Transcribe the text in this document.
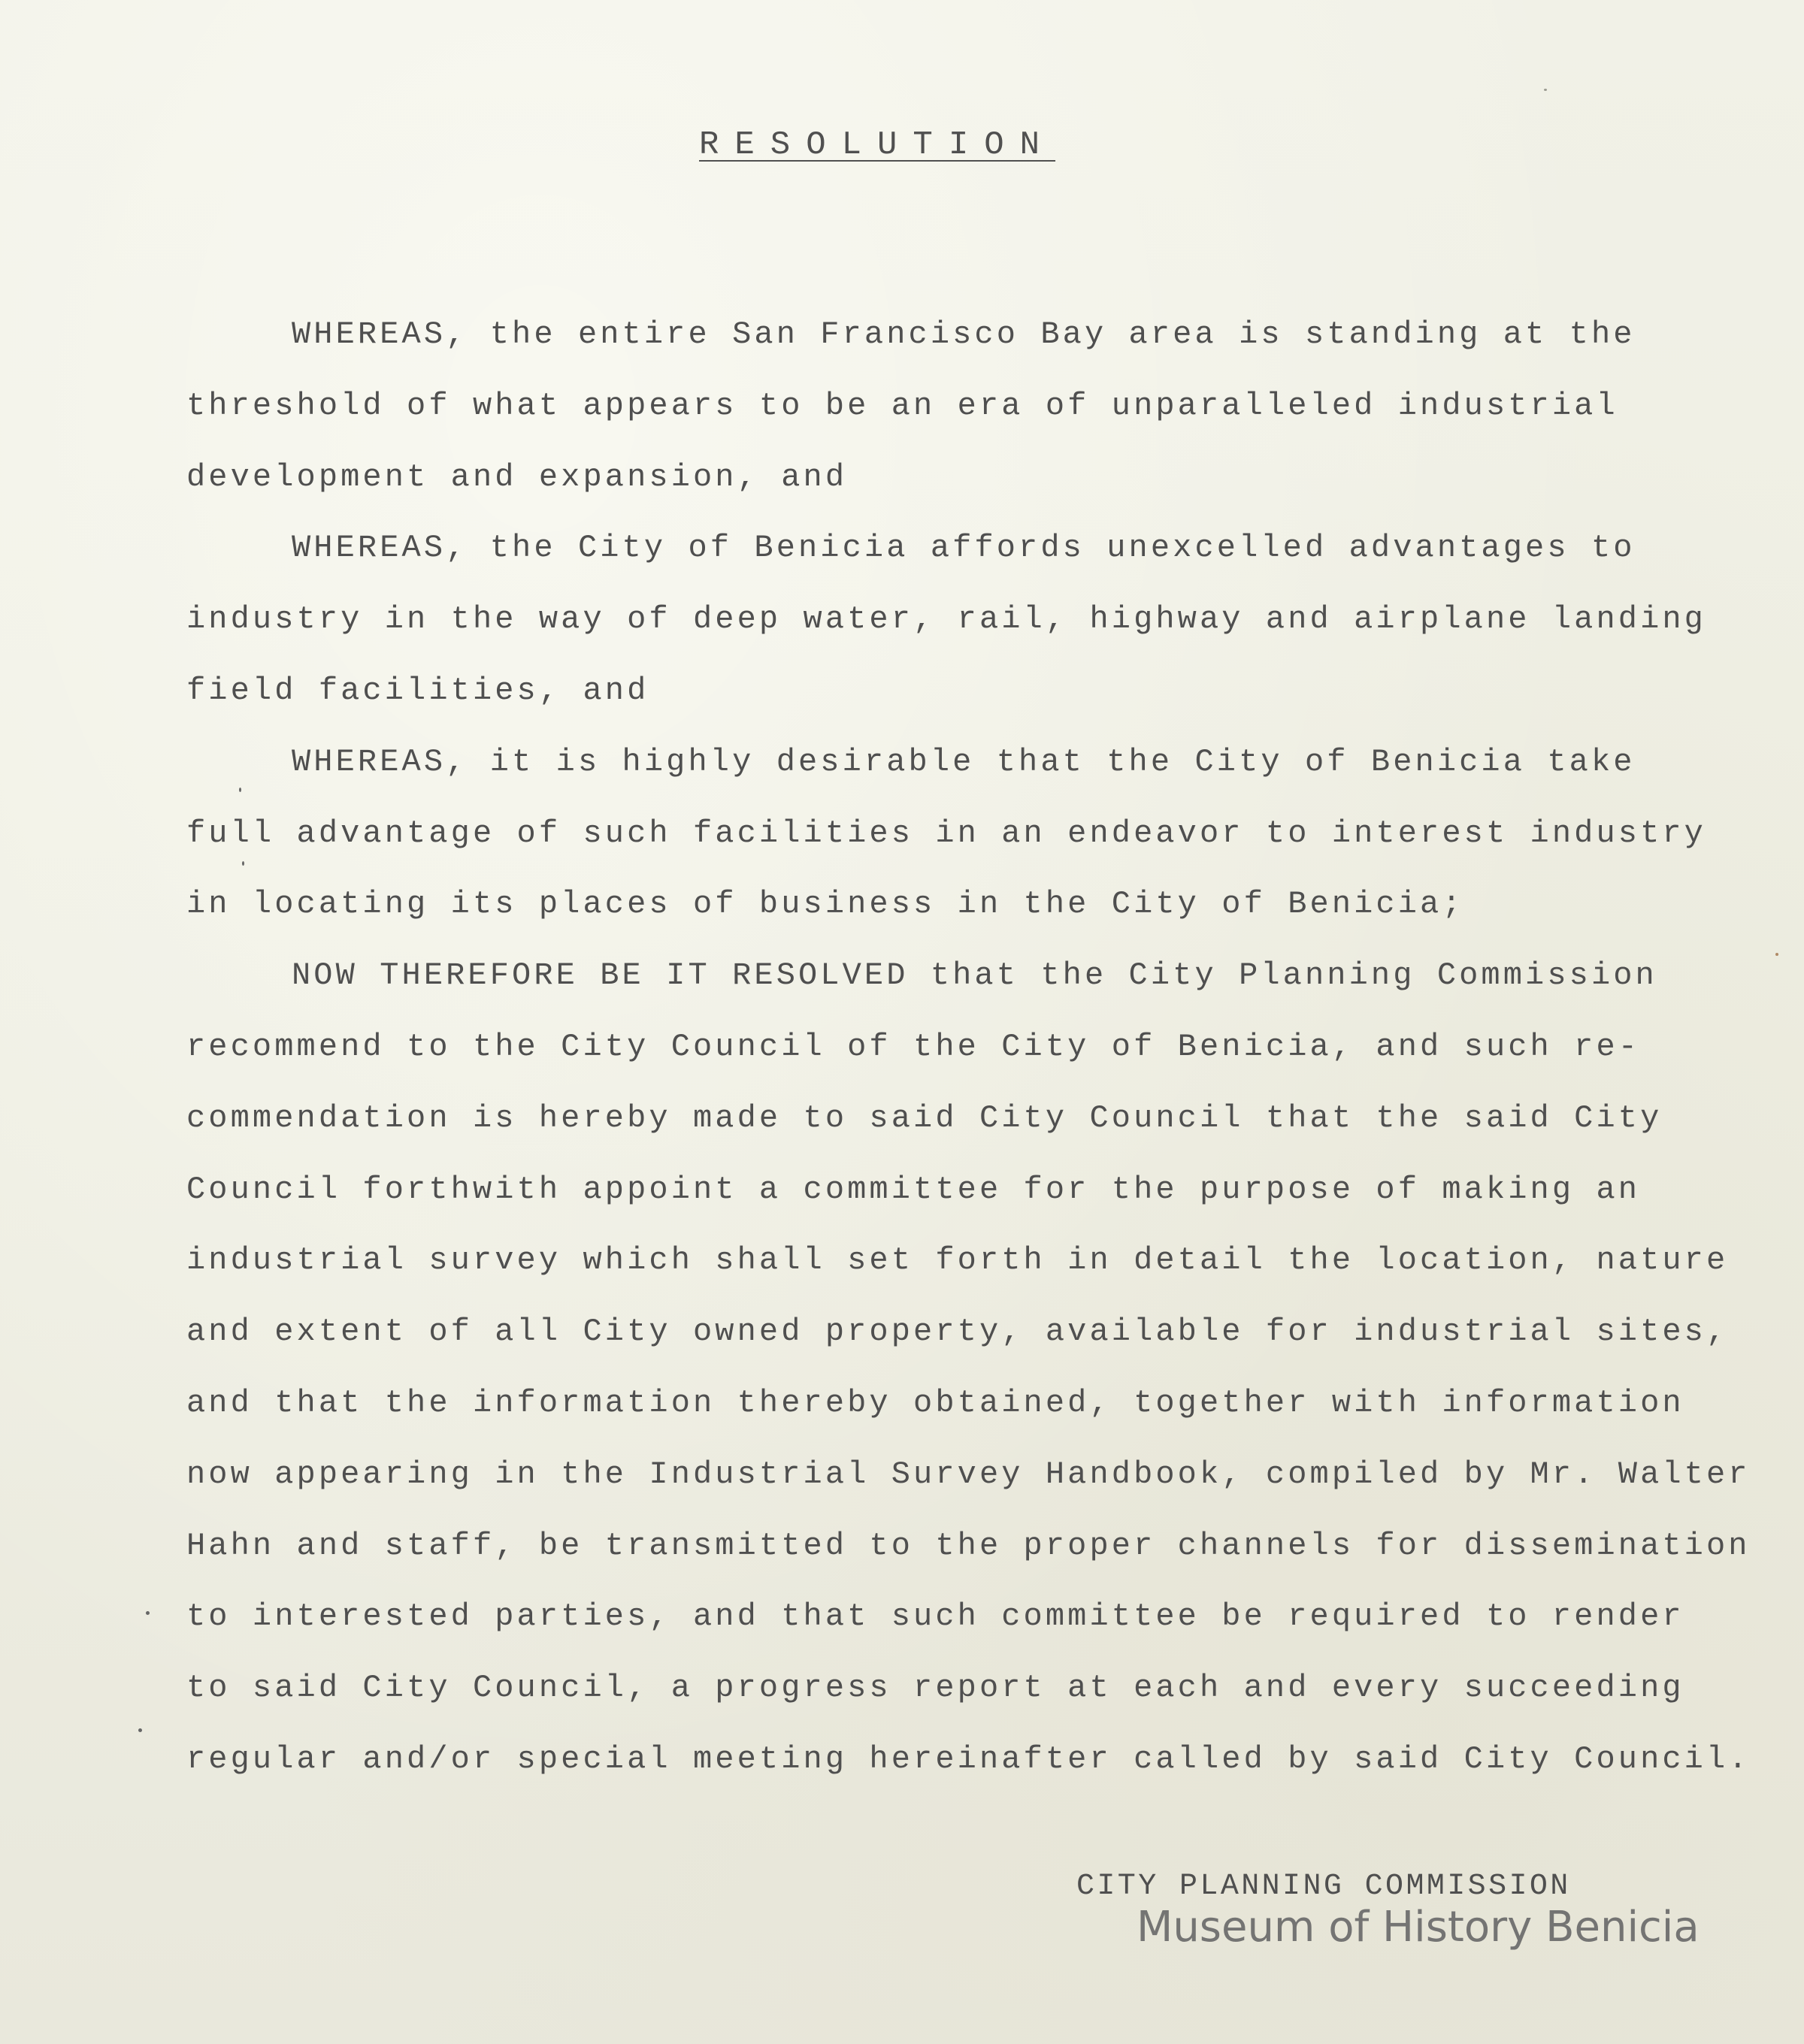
RESOLUTION

WHEREAS, the entire San Francisco Bay area is standing at the
threshold of what appears to be an era of unparalleled industrial
development and expansion, and

WHEREAS, the City of Benicia affords unexcelled advantages to
industry in the way of deep water, rail, highway and airplane landing
field facilities, and

WHEREAS, it is highly desirable that the City of Benicia take
full advantage of such facilities in an endeavor to interest industry
in locating its places of business in the City of Benicia;

NOW THEREFORE BE IT RESOLVED that the City Planning Commission
recommend to the City Council of the City of Benicia, and such re-
commendation is hereby made to said City Council that the said City
Council forthwith appoint a committee for the purpose of making an
industrial survey which shall set forth in detail the location, nature
and extent of all City owned property, available for industrial sites,
and that the information thereby obtained, together with information
now appearing in the Industrial Survey Handbook, compiled by Mr. Walter
Hahn and staff, be transmitted to the proper channels for dissemination
to interested parties, and that such committee be required to render
to said City Council, a progress report at each and every succeeding
regular and/or special meeting hereinafter called by said City Council.

CITY PLANNING COMMISSION
Museum of History Benicia
